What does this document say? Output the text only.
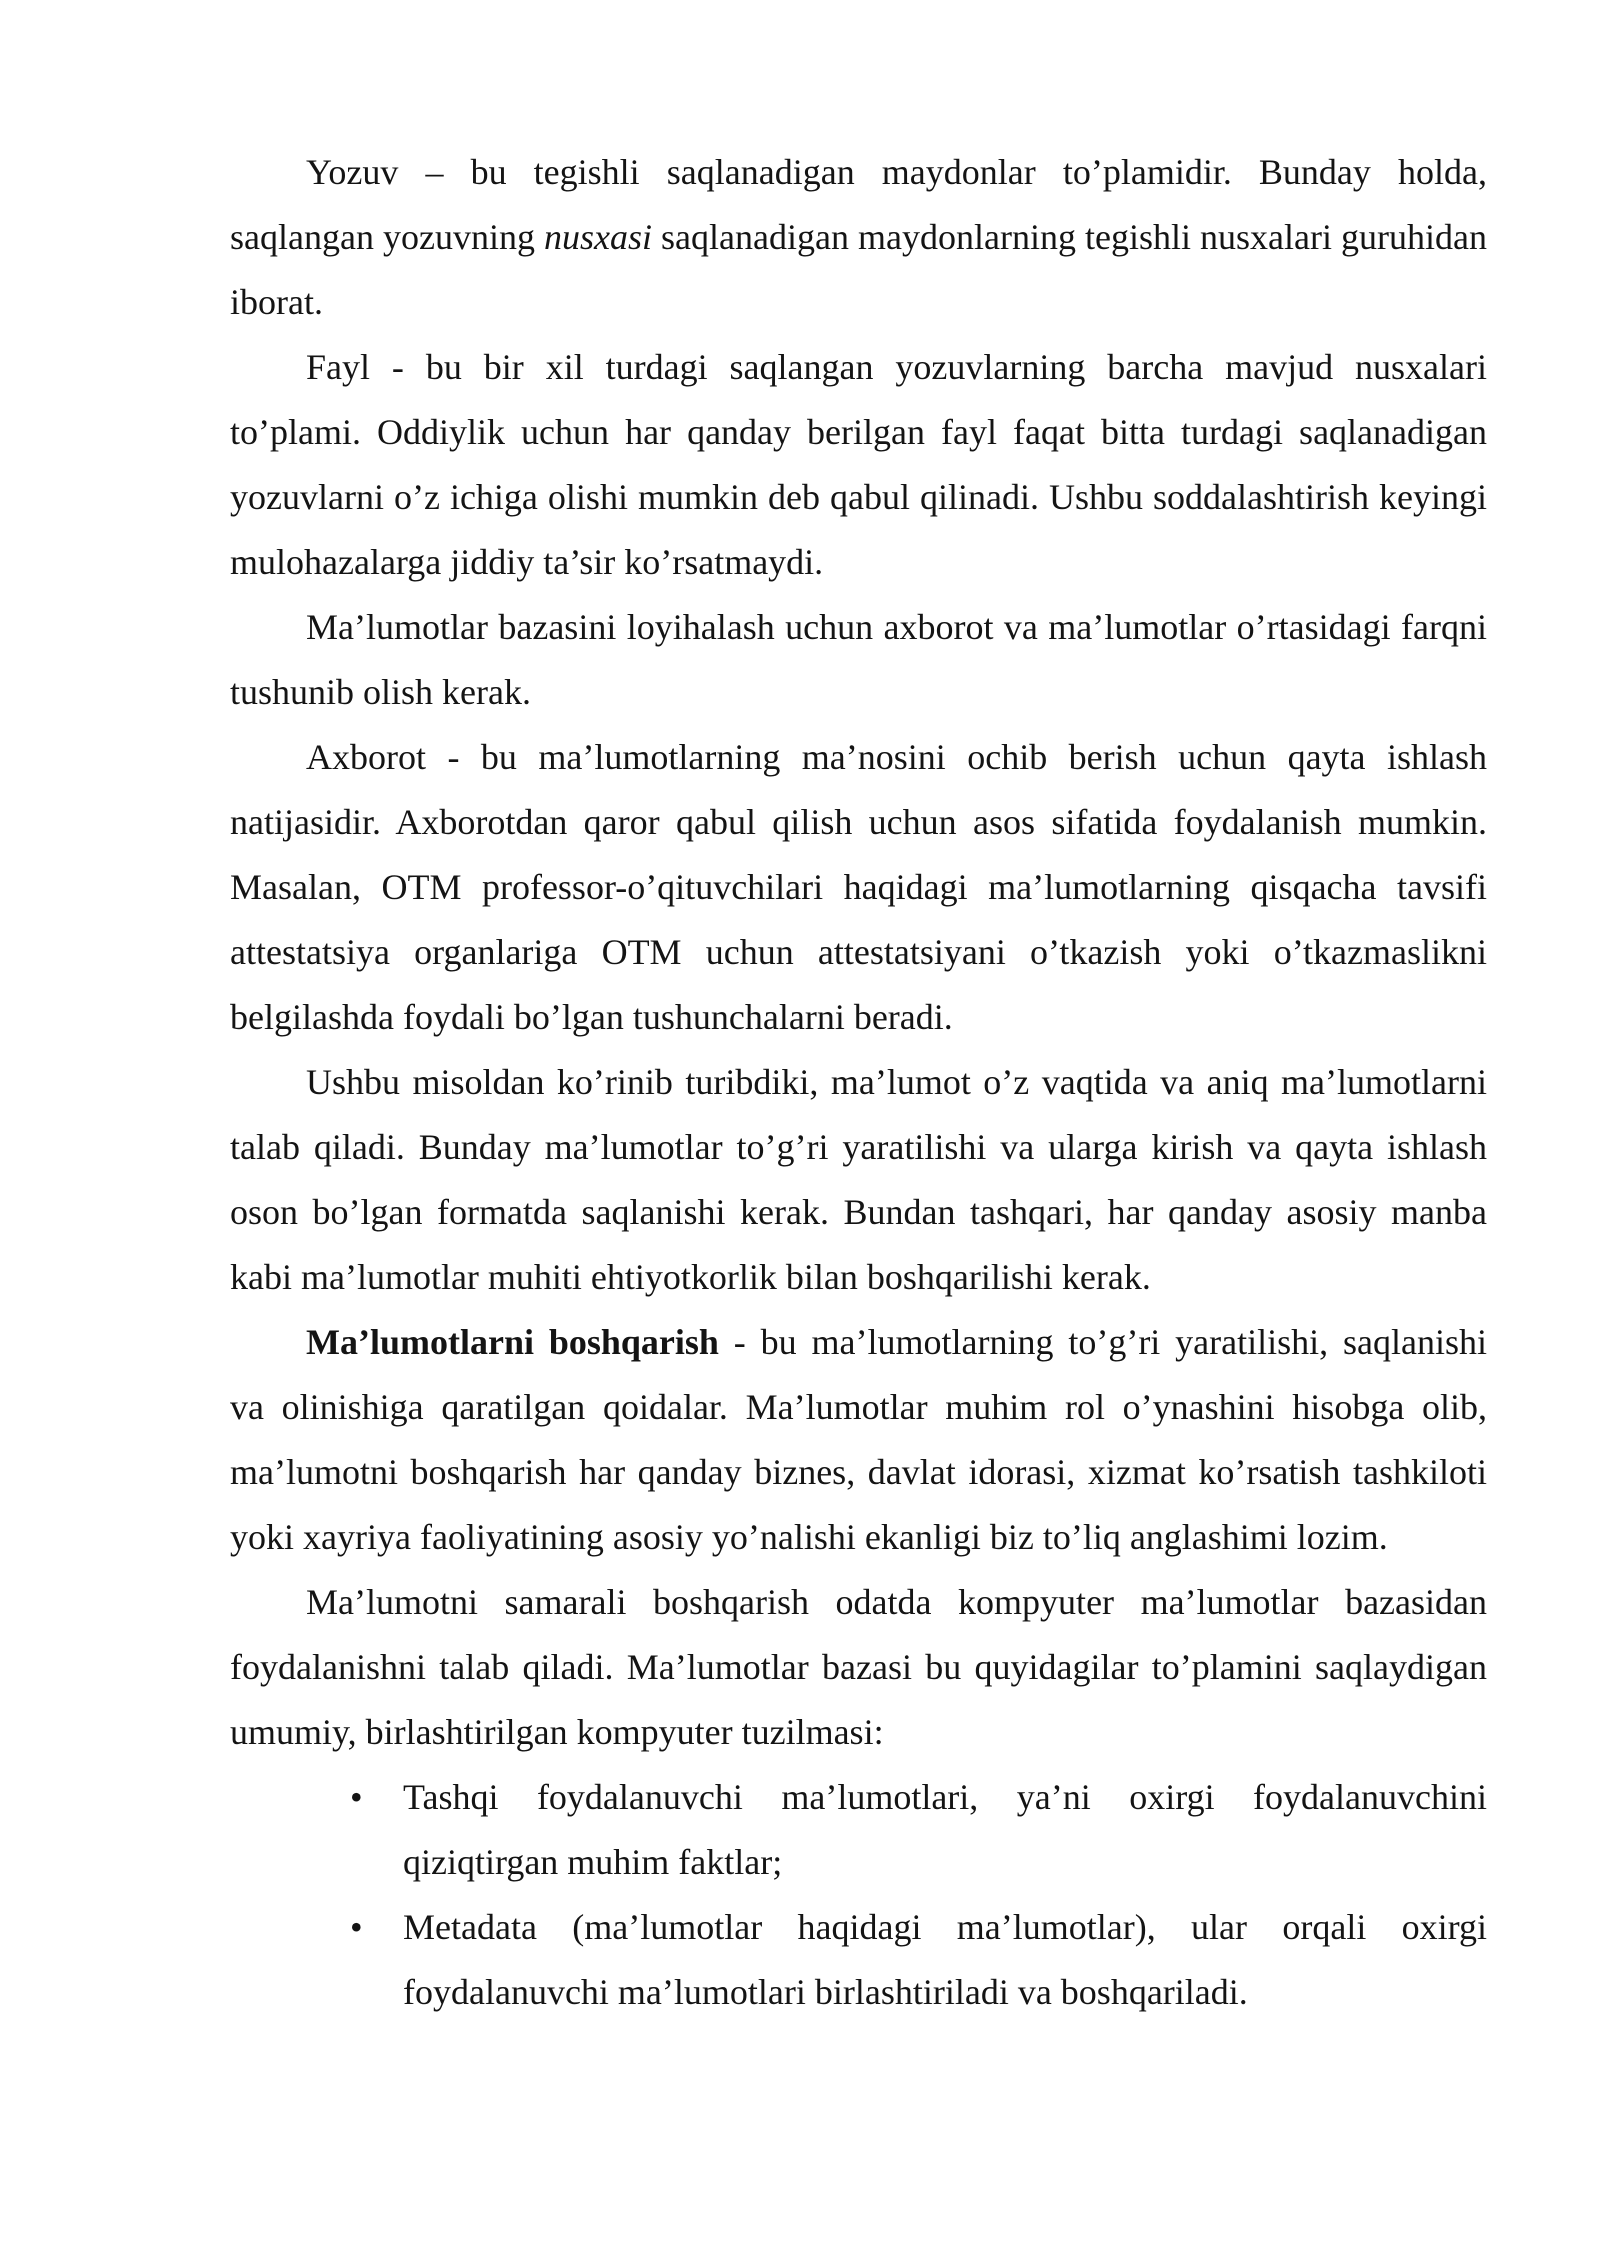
Yozuv – bu tegishli saqlanadigan maydonlar to’plamidir. Bunday holda, saqlangan yozuvning nusxasi saqlanadigan maydonlarning tegishli nusxalari guruhidan iborat.

Fayl - bu bir xil turdagi saqlangan yozuvlarning barcha mavjud nusxalari to’plami. Oddiylik uchun har qanday berilgan fayl faqat bitta turdagi saqlanadigan yozuvlarni o’z ichiga olishi mumkin deb qabul qilinadi. Ushbu soddalashtirish keyingi mulohazalarga jiddiy ta’sir ko’rsatmaydi.

Ma’lumotlar bazasini loyihalash uchun axborot va ma’lumotlar o’rtasidagi farqni tushunib olish kerak.

Axborot - bu ma’lumotlarning ma’nosini ochib berish uchun qayta ishlash natijasidir. Axborotdan qaror qabul qilish uchun asos sifatida foydalanish mumkin. Masalan, OTM professor-o’qituvchilari haqidagi ma’lumotlarning qisqacha tavsifi attestatsiya organlariga OTM uchun attestatsiyani o’tkazish yoki o’tkazmaslikni belgilashda foydali bo’lgan tushunchalarni beradi.

Ushbu misoldan ko’rinib turibdiki, ma’lumot o’z vaqtida va aniq ma’lumotlarni talab qiladi. Bunday ma’lumotlar to’g’ri yaratilishi va ularga kirish va qayta ishlash oson bo’lgan formatda saqlanishi kerak. Bundan tashqari, har qanday asosiy manba kabi ma’lumotlar muhiti ehtiyotkorlik bilan boshqarilishi kerak.

Ma’lumotlarni boshqarish - bu ma’lumotlarning to’g’ri yaratilishi, saqlanishi va olinishiga qaratilgan qoidalar. Ma’lumotlar muhim rol o’ynashini hisobga olib, ma’lumotni boshqarish har qanday biznes, davlat idorasi, xizmat ko’rsatish tashkiloti yoki xayriya faoliyatining asosiy yo’nalishi ekanligi biz to’liq anglashimi lozim.

Ma’lumotni samarali boshqarish odatda kompyuter ma’lumotlar bazasidan foydalanishni talab qiladi. Ma’lumotlar bazasi bu quyidagilar to’plamini saqlaydigan umumiy, birlashtirilgan kompyuter tuzilmasi:

•	Tashqi foydalanuvchi ma’lumotlari, ya’ni oxirgi foydalanuvchini qiziqtirgan muhim faktlar;
•	Metadata (ma’lumotlar haqidagi ma’lumotlar), ular orqali oxirgi foydalanuvchi ma’lumotlari birlashtiriladi va boshqariladi.
